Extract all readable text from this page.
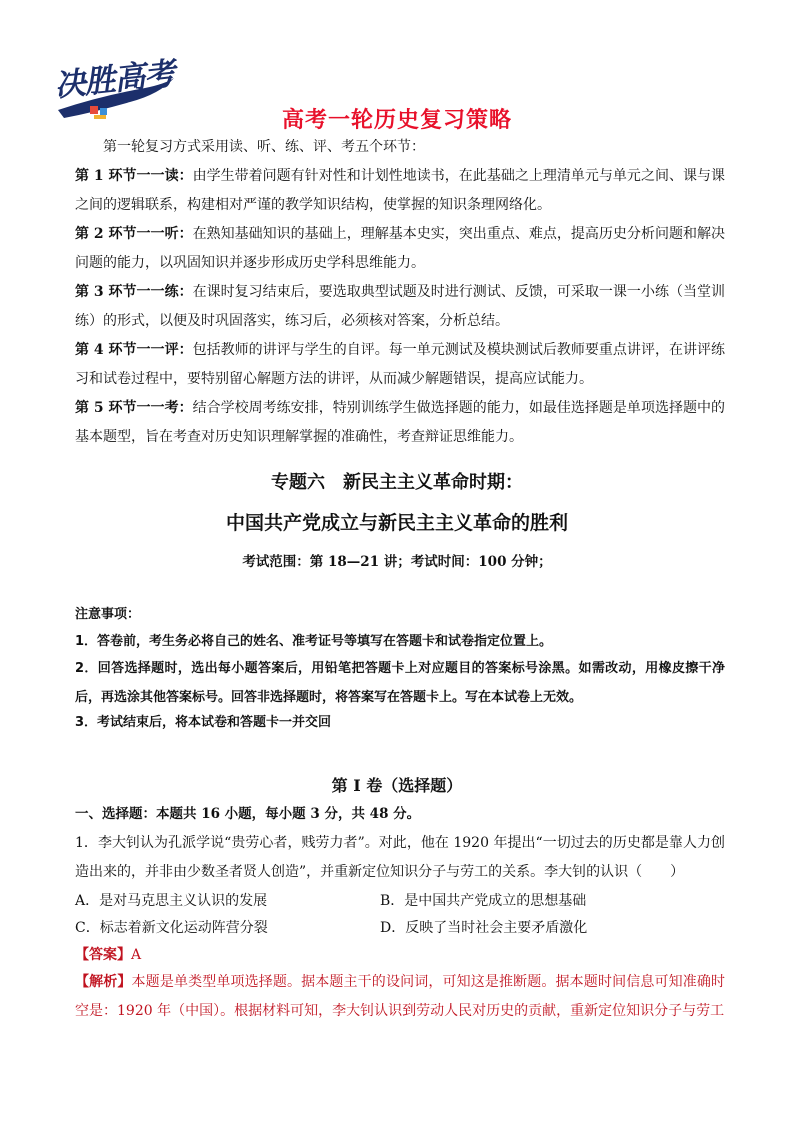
决胜高考
高考一轮历史复习策略
第一轮复习方式采用读、听、练、评、考五个环节：
第 1 环节一一读：由学生带着问题有针对性和计划性地读书，在此基础之上理清单元与单元之间、课与课之间的逻辑联系，构建相对严谨的教学知识结构，使掌握的知识条理网络化。
第 2 环节一一听：在熟知基础知识的基础上，理解基本史实，突出重点、难点，提高历史分析问题和解决问题的能力，以巩固知识并逐步形成历史学科思维能力。
第 3 环节一一练：在课时复习结束后，要选取典型试题及时进行测试、反馈，可采取一课一小练（当堂训练）的形式，以便及时巩固落实，练习后，必须核对答案，分析总结。
第 4 环节一一评：包括教师的讲评与学生的自评。每一单元测试及模块测试后教师要重点讲评，在讲评练习和试卷过程中，要特别留心解题方法的讲评，从而减少解题错误，提高应试能力。
第 5 环节一一考：结合学校周考练安排，特别训练学生做选择题的能力，如最佳选择题是单项选择题中的基本题型，旨在考查对历史知识理解掌握的准确性，考查辩证思维能力。
专题六　新民主主义革命时期：
中国共产党成立与新民主主义革命的胜利
考试范围：第 18—21 讲；考试时间：100 分钟；
注意事项：
1．答卷前，考生务必将自己的姓名、准考证号等填写在答题卡和试卷指定位置上。
2．回答选择题时，选出每小题答案后，用铅笔把答题卡上对应题目的答案标号涂黑。如需改动，用橡皮擦干净后，再选涂其他答案标号。回答非选择题时，将答案写在答题卡上。写在本试卷上无效。
3．考试结束后，将本试卷和答题卡一并交回
第 I 卷（选择题）
一、选择题：本题共 16 小题，每小题 3 分，共 48 分。
1．李大钊认为孔派学说“贵劳心者，贱劳力者”。对此，他在 1920 年提出“一切过去的历史都是靠人力创造出来的，并非由少数圣者贤人创造”，并重新定位知识分子与劳工的关系。李大钊的认识（　　）
A．是对马克思主义认识的发展	B．是中国共产党成立的思想基础
C．标志着新文化运动阵营分裂	D．反映了当时社会主要矛盾激化
【答案】A
【解析】本题是单类型单项选择题。据本题主干的设问词，可知这是推断题。据本题时间信息可知准确时空是：1920 年（中国）。根据材料可知，李大钊认识到劳动人民对历史的贡献，重新定位知识分子与劳工
